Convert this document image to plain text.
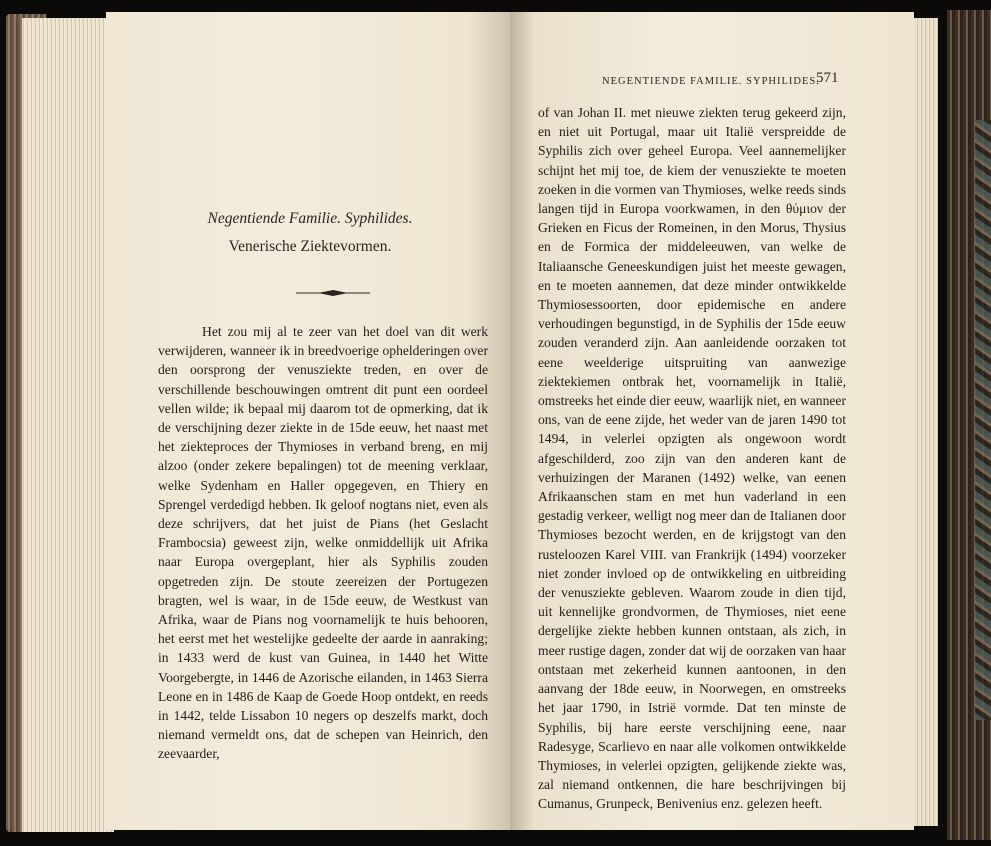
NEGENTIENDE FAMILIE. SYPHILIDES.
571
Negentiende Familie. Syphilides.
Venerische Ziektevormen.
Het zou mij al te zeer van het doel van dit werk verwijderen, wanneer ik in breedvoerige ophelderingen over den oorsprong der venusziekte treden, en over de verschillende beschouwingen omtrent dit punt een oordeel vellen wilde; ik bepaal mij daarom tot de opmerking, dat ik de verschijning dezer ziekte in de 15de eeuw, het naast met het ziekteproces der Thymioses in verband breng, en mij alzoo (onder zekere bepalingen) tot de meening verklaar, welke Sydenham en Haller opgegeven, en Thiery en Sprengel verdedigd hebben. Ik geloof nogtans niet, even als deze schrijvers, dat het juist de Pians (het Geslacht Frambocsia) geweest zijn, welke onmiddellijk uit Afrika naar Europa overgeplant, hier als Syphilis zouden opgetreden zijn. De stoute zeereizen der Portugezen bragten, wel is waar, in de 15de eeuw, de Westkust van Afrika, waar de Pians nog voornamelijk te huis behooren, het eerst met het westelijke gedeelte der aarde in aanraking; in 1433 werd de kust van Guinea, in 1440 het Witte Voorgebergte, in 1446 de Azorische eilanden, in 1463 Sierra Leone en in 1486 de Kaap de Goede Hoop ontdekt, en reeds in 1442, telde Lissabon 10 negers op deszelfs markt, doch niemand vermeldt ons, dat de schepen van Heinrich, den zeevaarder,
of van Johan II. met nieuwe ziekten terug gekeerd zijn, en niet uit Portugal, maar uit Italië verspreidde de Syphilis zich over geheel Europa. Veel aannemelijker schijnt het mij toe, de kiem der venusziekte te moeten zoeken in die vormen van Thymioses, welke reeds sinds langen tijd in Europa voorkwamen, in den θύμιον der Grieken en Ficus der Romeinen, in den Morus, Thysius en de Formica der middeleeuwen, van welke de Italiaansche Geneeskundigen juist het meeste gewagen, en te moeten aannemen, dat deze minder ontwikkelde Thymiosessoorten, door epidemische en andere verhoudingen begunstigd, in de Syphilis der 15de eeuw zouden veranderd zijn. Aan aanleidende oorzaken tot eene weelderige uitspruiting van aanwezige ziektekiemen ontbrak het, voornamelijk in Italië, omstreeks het einde dier eeuw, waarlijk niet, en wanneer ons, van de eene zijde, het weder van de jaren 1490 tot 1494, in velerlei opzigten als ongewoon wordt afgeschilderd, zoo zijn van den anderen kant de verhuizingen der Maranen (1492) welke, van eenen Afrikaanschen stam en met hun vaderland in een gestadig verkeer, welligt nog meer dan de Italianen door Thymioses bezocht werden, en de krijgstogt van den rusteloozen Karel VIII. van Frankrijk (1494) voorzeker niet zonder invloed op de ontwikkeling en uitbreiding der venusziekte gebleven. Waarom zoude in dien tijd, uit kennelijke grondvormen, de Thymioses, niet eene dergelijke ziekte hebben kunnen ontstaan, als zich, in meer rustige dagen, zonder dat wij de oorzaken van haar ontstaan met zekerheid kunnen aantoonen, in den aanvang der 18de eeuw, in Noorwegen, en omstreeks het jaar 1790, in Istrië vormde. Dat ten minste de Syphilis, bij hare eerste verschijning eene, naar Radesyge, Scarlievo en naar alle volkomen ontwikkelde Thymioses, in velerlei opzigten, gelijkende ziekte was, zal niemand ontkennen, die hare beschrijvingen bij Cumanus, Grunpeck, Benivenius enz. gelezen heeft.
